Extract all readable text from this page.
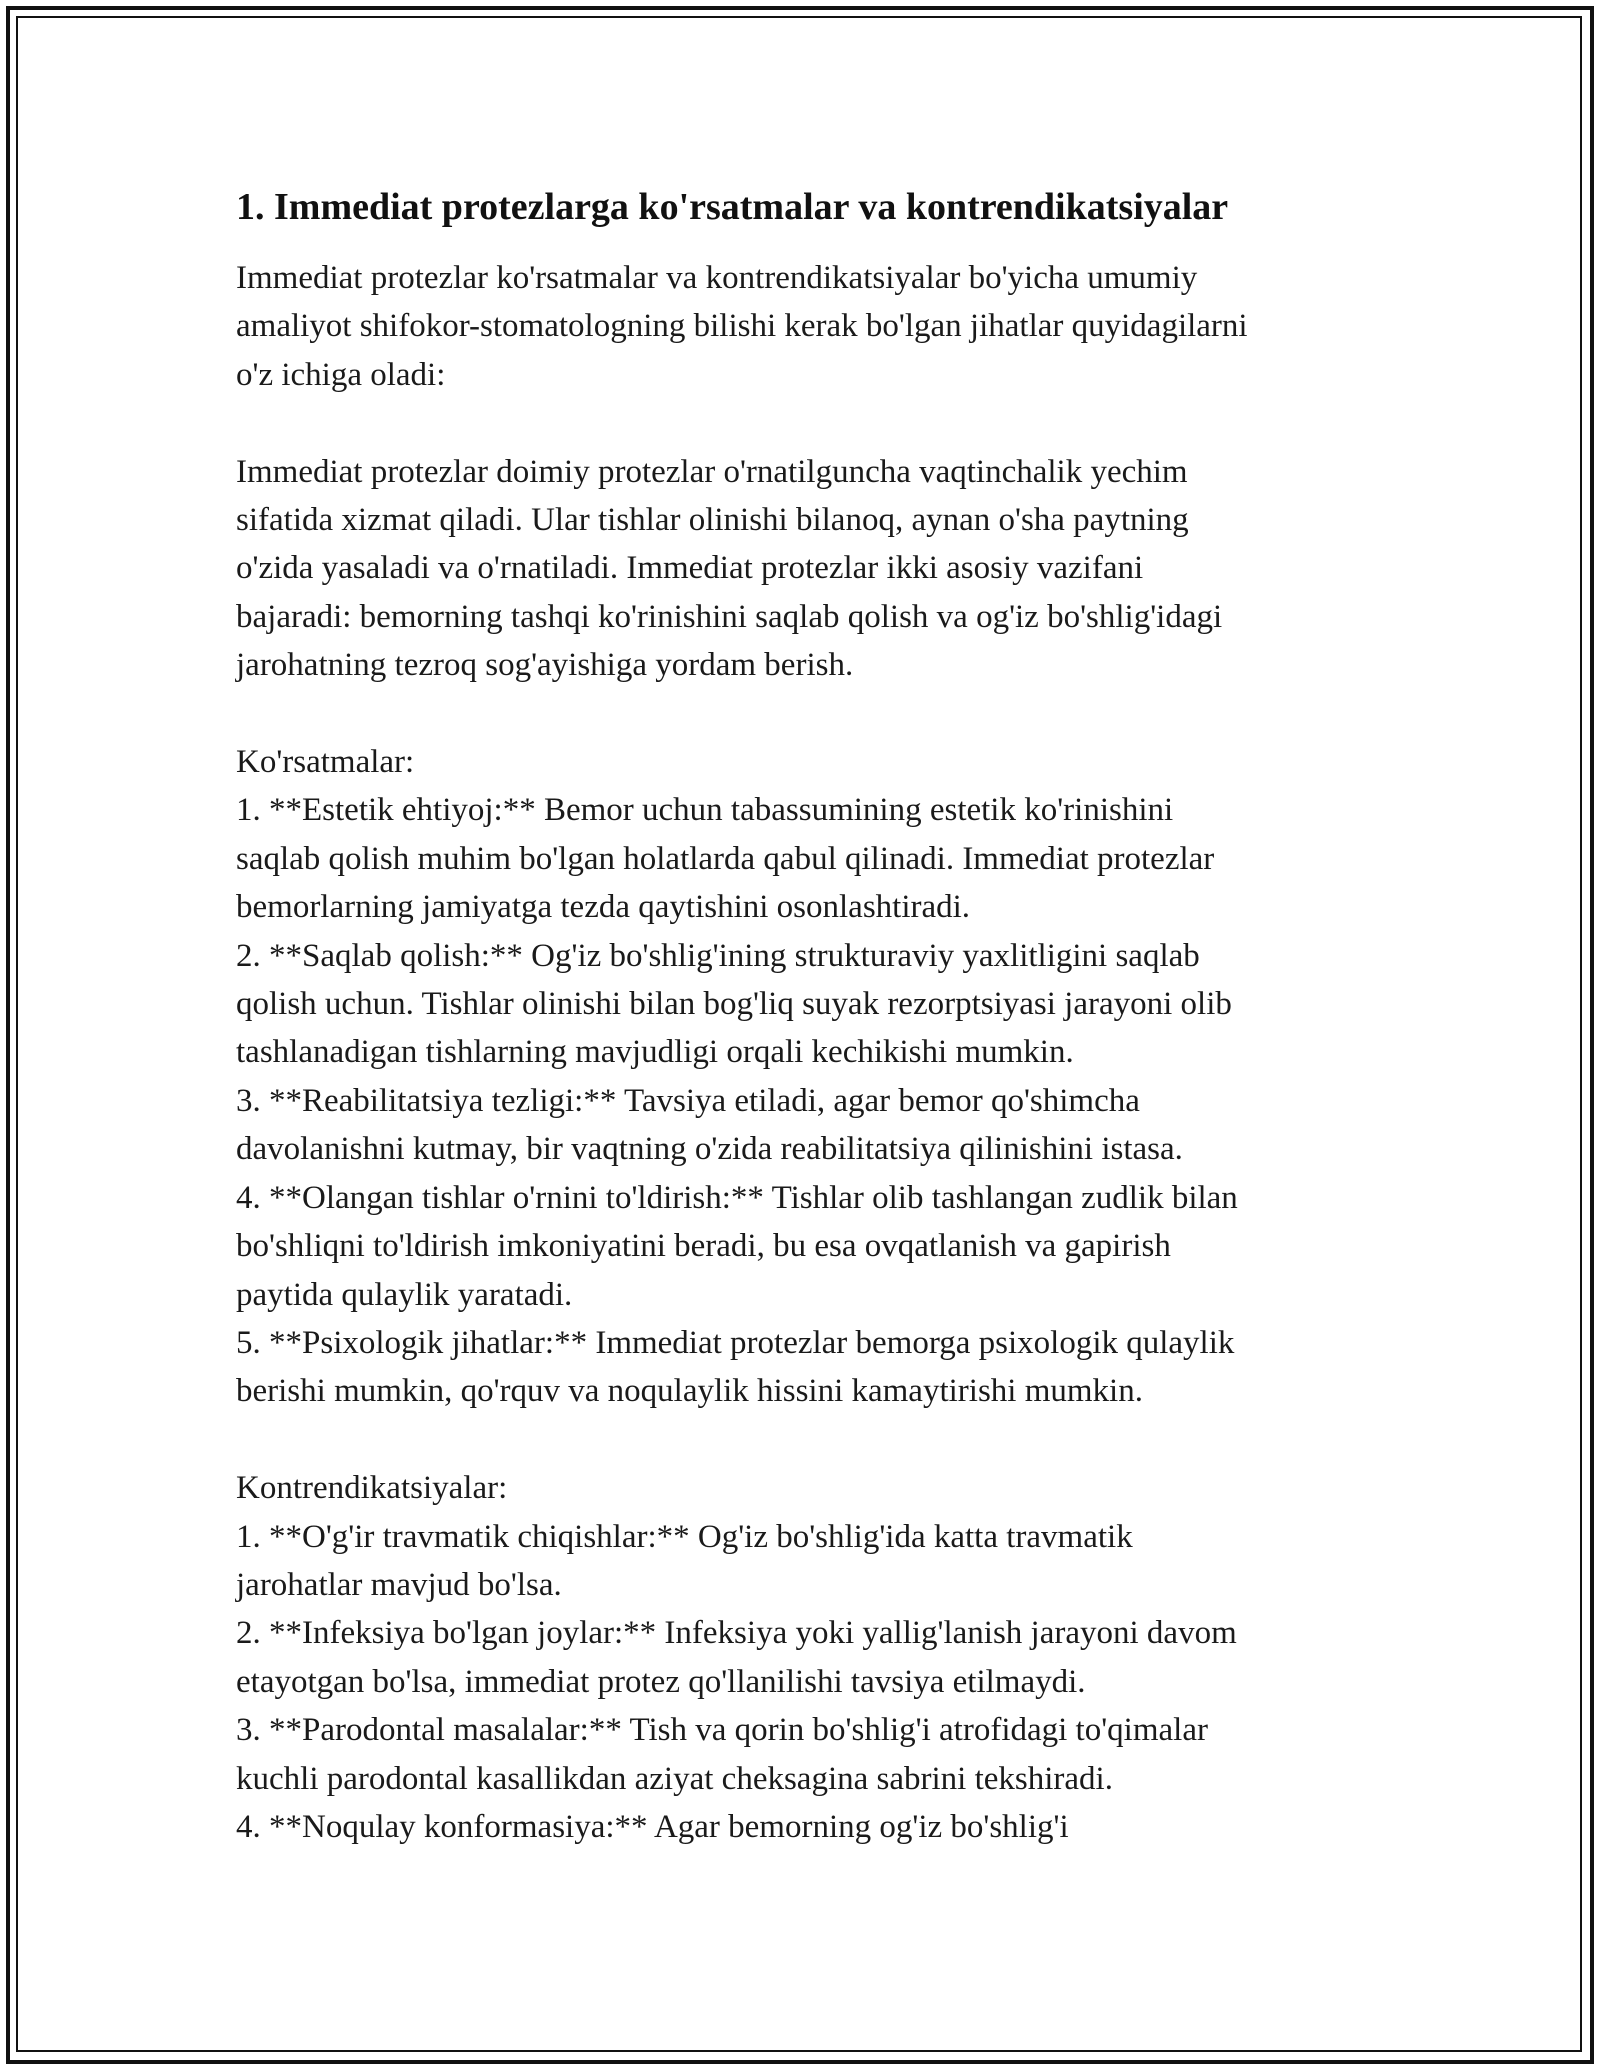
1. Immediat protezlarga ko'rsatmalar va kontrendikatsiyalar

Immediat protezlar ko'rsatmalar va kontrendikatsiyalar bo'yicha umumiy
amaliyot shifokor-stomatologning bilishi kerak bo'lgan jihatlar quyidagilarni
o'z ichiga oladi:

Immediat protezlar doimiy protezlar o'rnatilguncha vaqtinchalik yechim
sifatida xizmat qiladi. Ular tishlar olinishi bilanoq, aynan o'sha paytning
o'zida yasaladi va o'rnatiladi. Immediat protezlar ikki asosiy vazifani
bajaradi: bemorning tashqi ko'rinishini saqlab qolish va og'iz bo'shlig'idagi
jarohatning tezroq sog'ayishiga yordam berish.

Ko'rsatmalar:
1. **Estetik ehtiyoj:** Bemor uchun tabassumining estetik ko'rinishini
saqlab qolish muhim bo'lgan holatlarda qabul qilinadi. Immediat protezlar
bemorlarning jamiyatga tezda qaytishini osonlashtiradi.
2. **Saqlab qolish:** Og'iz bo'shlig'ining strukturaviy yaxlitligini saqlab
qolish uchun. Tishlar olinishi bilan bog'liq suyak rezorptsiyasi jarayoni olib
tashlanadigan tishlarning mavjudligi orqali kechikishi mumkin.
3. **Reabilitatsiya tezligi:** Tavsiya etiladi, agar bemor qo'shimcha
davolanishni kutmay, bir vaqtning o'zida reabilitatsiya qilinishini istasa.
4. **Olangan tishlar o'rnini to'ldirish:** Tishlar olib tashlangan zudlik bilan
bo'shliqni to'ldirish imkoniyatini beradi, bu esa ovqatlanish va gapirish
paytida qulaylik yaratadi.
5. **Psixologik jihatlar:** Immediat protezlar bemorga psixologik qulaylik
berishi mumkin, qo'rquv va noqulaylik hissini kamaytirishi mumkin.

Kontrendikatsiyalar:
1. **O'g'ir travmatik chiqishlar:** Og'iz bo'shlig'ida katta travmatik
jarohatlar mavjud bo'lsa.
2. **Infeksiya bo'lgan joylar:** Infeksiya yoki yallig'lanish jarayoni davom
etayotgan bo'lsa, immediat protez qo'llanilishi tavsiya etilmaydi.
3. **Parodontal masalalar:** Tish va qorin bo'shlig'i atrofidagi to'qimalar
kuchli parodontal kasallikdan aziyat cheksagina sabrini tekshiradi.
4. **Noqulay konformasiya:** Agar bemorning og'iz bo'shlig'i
